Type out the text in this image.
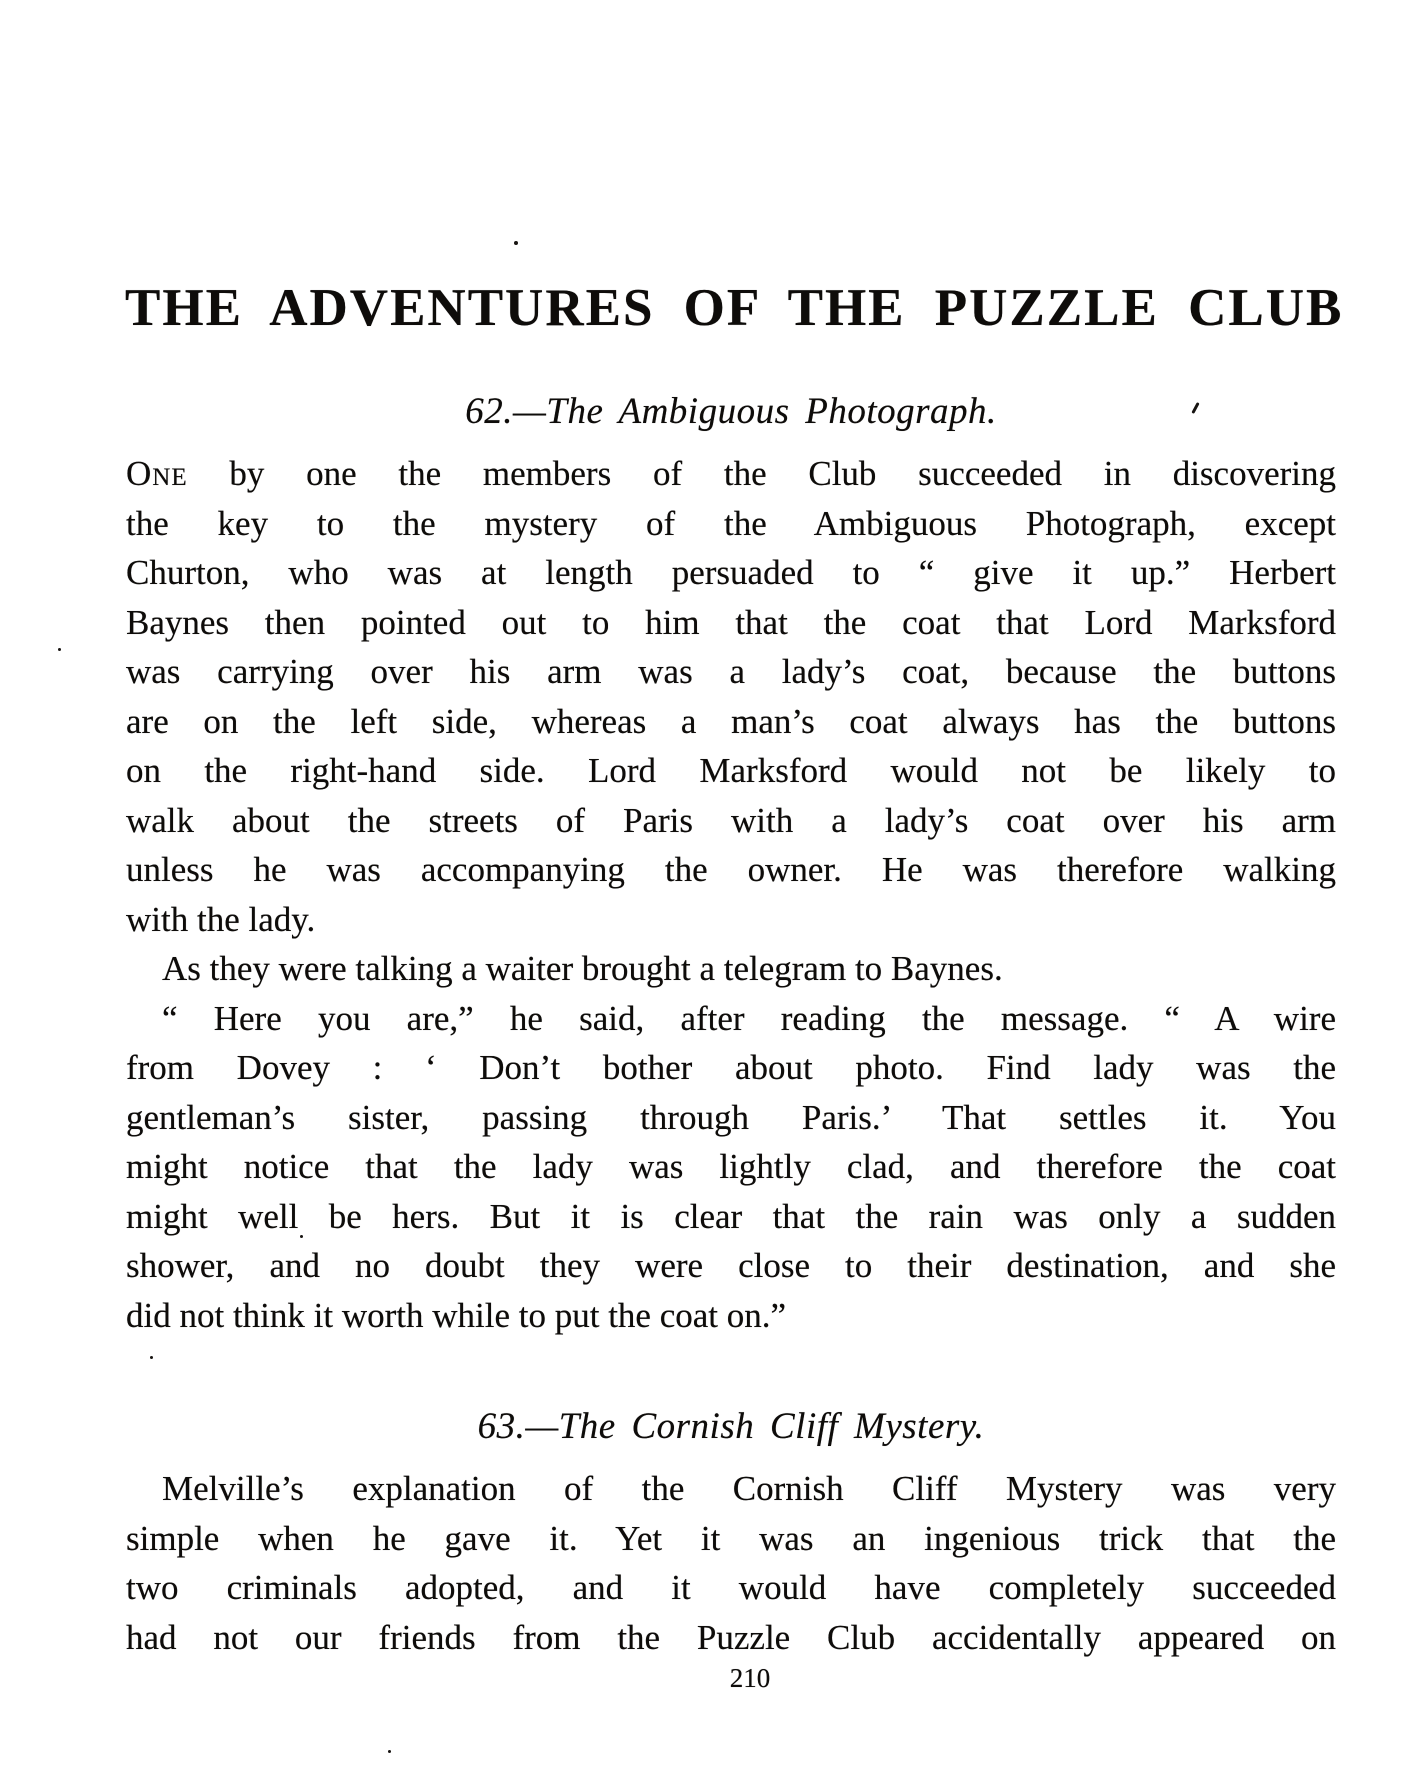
THE ADVENTURES OF THE PUZZLE CLUB
62.—The Ambiguous Photograph.

One by one the members of the Club succeeded in discovering

the key to the mystery of the Ambiguous Photograph, except

Churton, who was at length persuaded to “ give it up.” Herbert

Baynes then pointed out to him that the coat that Lord Marksford

was carrying over his arm was a lady’s coat, because the buttons

are on the left side, whereas a man’s coat always has the buttons

on the right-hand side. Lord Marksford would not be likely to

walk about the streets of Paris with a lady’s coat over his arm

unless he was accompanying the owner. He was therefore walking

with the lady.

As they were talking a waiter brought a telegram to Baynes.

“ Here you are,” he said, after reading the message. “ A wire

from Dovey : ‘ Don’t bother about photo. Find lady was the

gentleman’s sister, passing through Paris.’ That settles it. You

might notice that the lady was lightly clad, and therefore the coat

might well be hers. But it is clear that the rain was only a sudden

shower, and no doubt they were close to their destination, and she

did not think it worth while to put the coat on.”

63.—The Cornish Cliff Mystery.

Melville’s explanation of the Cornish Cliff Mystery was very

simple when he gave it. Yet it was an ingenious trick that the

two criminals adopted, and it would have completely succeeded

had not our friends from the Puzzle Club accidentally appeared on

210
